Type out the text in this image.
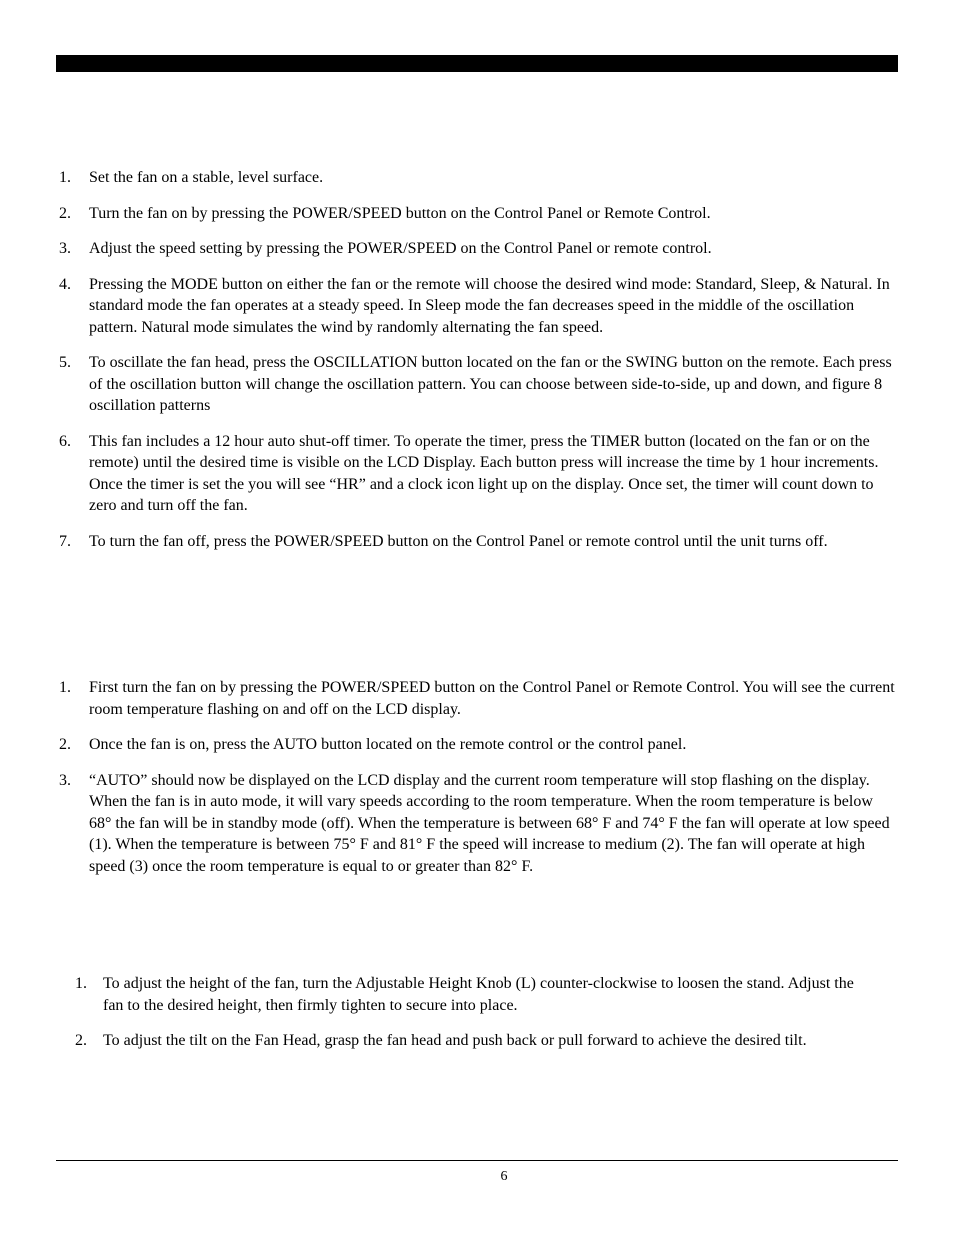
1. Set the fan on a stable, level surface.
2. Turn the fan on by pressing the POWER/SPEED button on the Control Panel or Remote Control.
3. Adjust the speed setting by pressing the POWER/SPEED on the Control Panel or remote control.
4. Pressing the MODE button on either the fan or the remote will choose the desired wind mode: Standard, Sleep, & Natural. In standard mode the fan operates at a steady speed. In Sleep mode the fan decreases speed in the middle of the oscillation pattern. Natural mode simulates the wind by randomly alternating the fan speed.
5. To oscillate the fan head, press the OSCILLATION button located on the fan or the SWING button on the remote. Each press of the oscillation button will change the oscillation pattern. You can choose between side-to-side, up and down, and figure 8 oscillation patterns
6. This fan includes a 12 hour auto shut-off timer. To operate the timer, press the TIMER button (located on the fan or on the remote) until the desired time is visible on the LCD Display. Each button press will increase the time by 1 hour increments. Once the timer is set the you will see “HR” and a clock icon light up on the display. Once set, the timer will count down to zero and turn off the fan.
7. To turn the fan off, press the POWER/SPEED button on the Control Panel or remote control until the unit turns off.
1. First turn the fan on by pressing the POWER/SPEED button on the Control Panel or Remote Control. You will see the current room temperature flashing on and off on the LCD display.
2. Once the fan is on, press the AUTO button located on the remote control or the control panel.
3. “AUTO” should now be displayed on the LCD display and the current room temperature will stop flashing on the display. When the fan is in auto mode, it will vary speeds according to the room temperature. When the room temperature is below 68° the fan will be in standby mode (off). When the temperature is between 68° F and 74° F the fan will operate at low speed (1). When the temperature is between 75° F and 81° F the speed will increase to medium (2). The fan will operate at high speed (3) once the room temperature is equal to or greater than 82° F.
1. To adjust the height of the fan, turn the Adjustable Height Knob (L) counter-clockwise to loosen the stand. Adjust the fan to the desired height, then firmly tighten to secure into place.
2. To adjust the tilt on the Fan Head, grasp the fan head and push back or pull forward to achieve the desired tilt.
6
